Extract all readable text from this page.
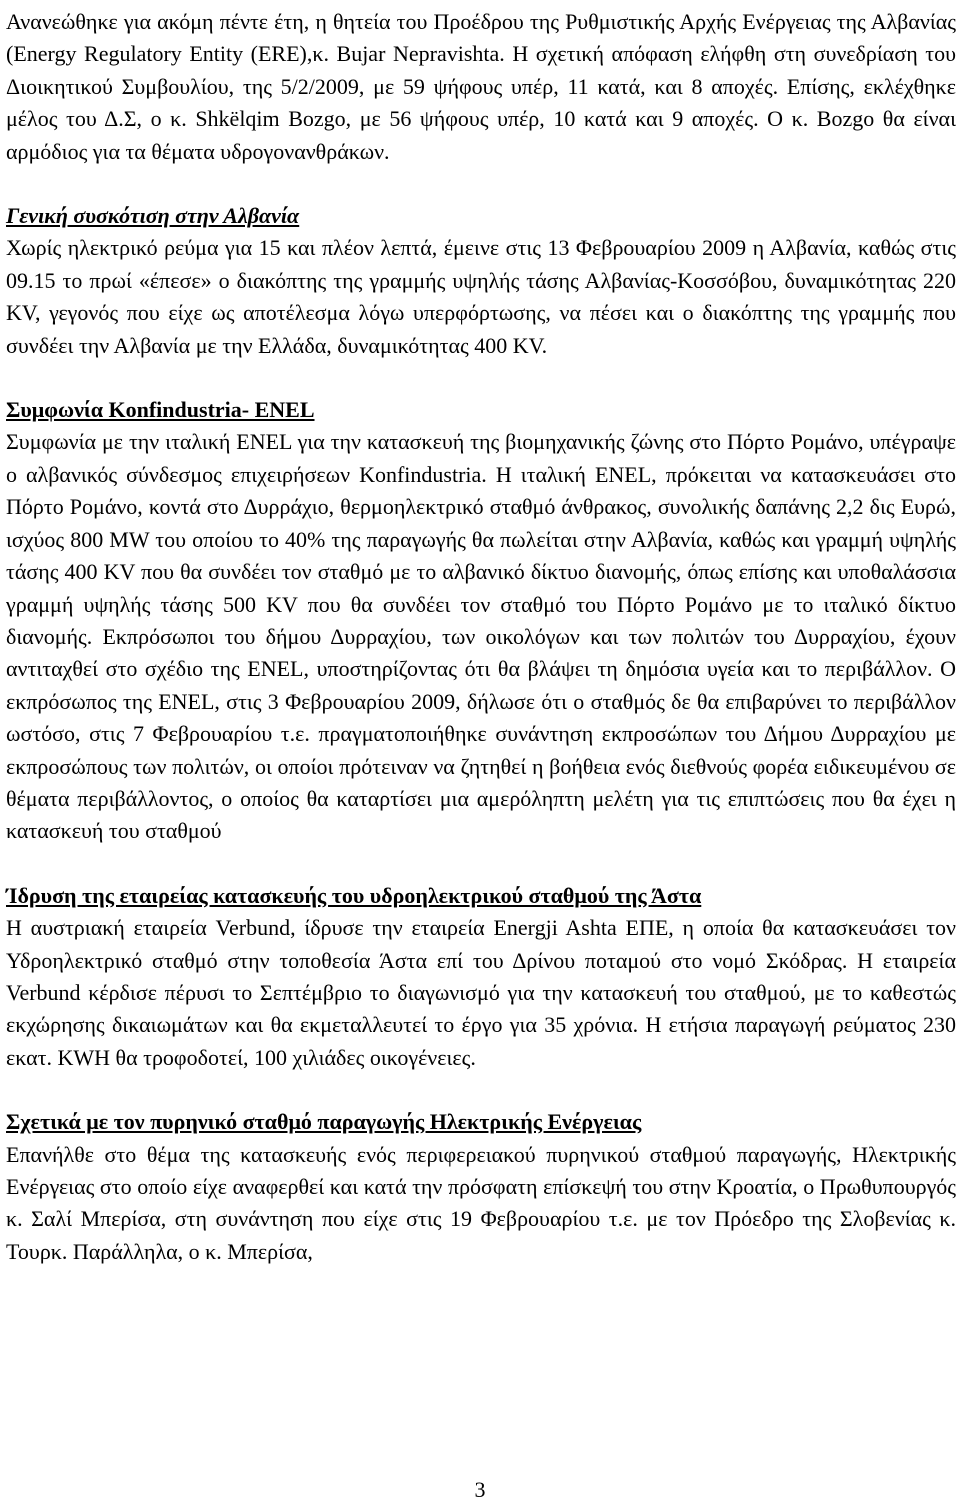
Ανανεώθηκε για ακόμη πέντε έτη, η θητεία του Προέδρου της Ρυθμιστικής Αρχής Ενέργειας της Αλβανίας (Energy Regulatory Entity (ERE),κ. Bujar Nepravishta. Η σχετική απόφαση ελήφθη στη συνεδρίαση του Διοικητικού Συμβουλίου, της 5/2/2009, με 59 ψήφους υπέρ, 11 κατά, και 8 αποχές. Επίσης, εκλέχθηκε μέλος του Δ.Σ, ο κ. Shkëlqim Bozgo, με 56 ψήφους υπέρ, 10 κατά και 9 αποχές. Ο κ. Bozgo θα είναι αρμόδιος για τα θέματα υδρογονανθράκων.

Γενική συσκότιση στην Αλβανία

Χωρίς ηλεκτρικό ρεύμα για 15 και πλέον λεπτά, έμεινε στις 13 Φεβρουαρίου 2009 η Αλβανία, καθώς στις 09.15 το πρωί «έπεσε» ο διακόπτης της γραμμής υψηλής τάσης Αλβανίας-Κοσσόβου, δυναμικότητας 220 KV, γεγονός που είχε ως αποτέλεσμα λόγω υπερφόρτωσης, να πέσει και ο διακόπτης της γραμμής που συνδέει την Αλβανία με την Ελλάδα, δυναμικότητας 400 KV.

Συμφωνία Konfindustria- ENEL

Συμφωνία με την ιταλική ENEL για την κατασκευή της βιομηχανικής ζώνης στο Πόρτο Ρομάνο, υπέγραψε ο αλβανικός σύνδεσμος επιχειρήσεων Konfindustria. Η ιταλική ENEL, πρόκειται να κατασκευάσει στο Πόρτο Ρομάνο, κοντά στο Δυρράχιο, θερμοηλεκτρικό σταθμό άνθρακος, συνολικής δαπάνης 2,2 δις Ευρώ, ισχύος 800 MW του οποίου το 40% της παραγωγής θα πωλείται στην Αλβανία, καθώς και γραμμή υψηλής τάσης 400 KV που θα συνδέει τον σταθμό με το αλβανικό δίκτυο διανομής, όπως επίσης και υποθαλάσσια γραμμή υψηλής τάσης 500 KV που θα συνδέει τον σταθμό του Πόρτο Ρομάνο με το ιταλικό δίκτυο διανομής. Εκπρόσωποι του δήμου Δυρραχίου, των οικολόγων και των πολιτών του Δυρραχίου, έχουν αντιταχθεί στο σχέδιο της ENEL, υποστηρίζοντας ότι θα βλάψει τη δημόσια υγεία και το περιβάλλον. Ο εκπρόσωπος της ENEL, στις 3 Φεβρουαρίου 2009, δήλωσε ότι ο σταθμός δε θα επιβαρύνει το περιβάλλον ωστόσο, στις 7 Φεβρουαρίου τ.ε. πραγματοποιήθηκε συνάντηση εκπροσώπων του Δήμου Δυρραχίου με εκπροσώπους των πολιτών, οι οποίοι πρότειναν να ζητηθεί η βοήθεια ενός διεθνούς φορέα ειδικευμένου σε θέματα περιβάλλοντος, ο οποίος θα καταρτίσει μια αμερόληπτη μελέτη για τις επιπτώσεις που θα έχει η κατασκευή του σταθμού

Ίδρυση της εταιρείας κατασκευής του υδροηλεκτρικού σταθμού της Άστα

Η αυστριακή εταιρεία Verbund, ίδρυσε την εταιρεία Energji Ashta ΕΠΕ, η οποία θα κατασκευάσει τον Υδροηλεκτρικό σταθμό στην τοποθεσία Άστα επί του Δρίνου ποταμού στο νομό Σκόδρας. Η εταιρεία Verbund κέρδισε πέρυσι το Σεπτέμβριο το διαγωνισμό για την κατασκευή του σταθμού, με το καθεστώς εκχώρησης δικαιωμάτων και θα εκμεταλλευτεί το έργο για 35 χρόνια. Η ετήσια παραγωγή ρεύματος 230 εκατ. KWH θα τροφοδοτεί, 100 χιλιάδες οικογένειες.

Σχετικά με τον πυρηνικό σταθμό παραγωγής Ηλεκτρικής Ενέργειας

Επανήλθε στο θέμα της κατασκευής ενός περιφερειακού πυρηνικού σταθμού παραγωγής, Ηλεκτρικής Ενέργειας στο οποίο είχε αναφερθεί και κατά την πρόσφατη επίσκεψή του στην Κροατία, ο Πρωθυπουργός κ. Σαλί Μπερίσα, στη συνάντηση που είχε στις 19 Φεβρουαρίου τ.ε. με τον Πρόεδρο της Σλοβενίας κ. Τουρκ. Παράλληλα, ο κ. Μπερίσα,

3
